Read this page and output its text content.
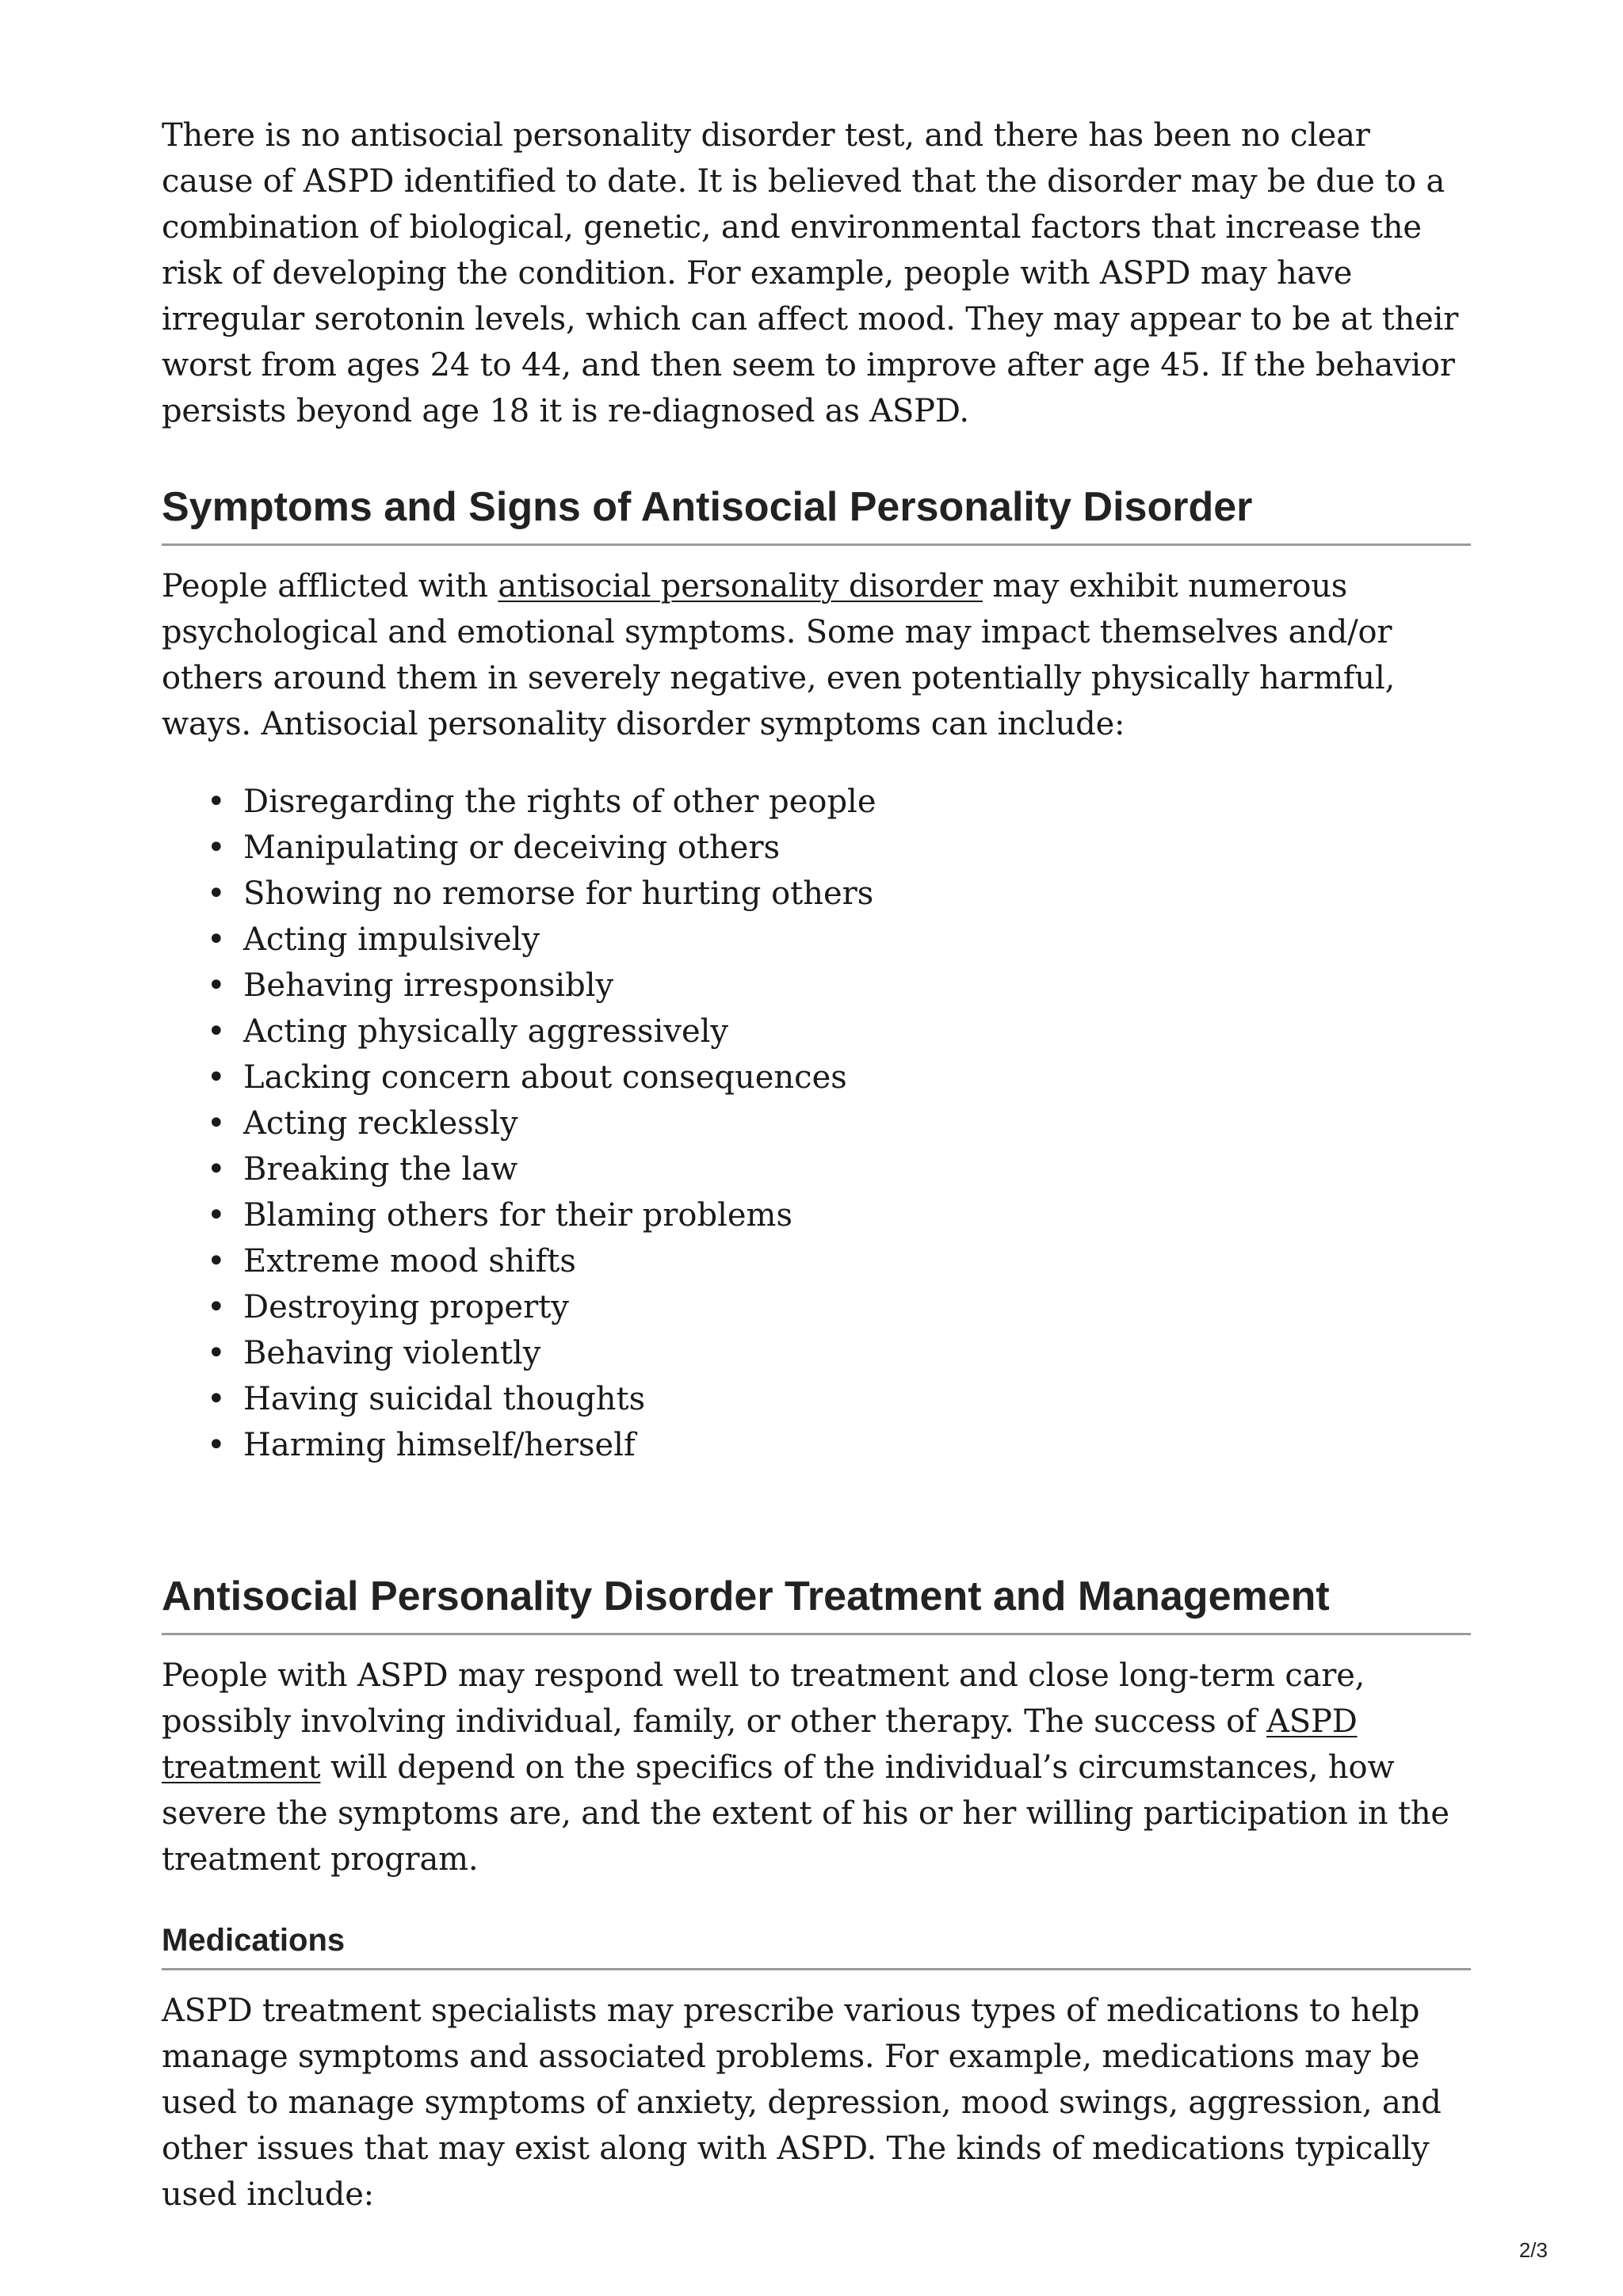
There is no antisocial personality disorder test, and there has been no clear cause of ASPD identified to date. It is believed that the disorder may be due to a combination of biological, genetic, and environmental factors that increase the risk of developing the condition. For example, people with ASPD may have irregular serotonin levels, which can affect mood. They may appear to be at their worst from ages 24 to 44, and then seem to improve after age 45. If the behavior persists beyond age 18 it is re-diagnosed as ASPD.

Symptoms and Signs of Antisocial Personality Disorder

People afflicted with antisocial personality disorder may exhibit numerous psychological and emotional symptoms. Some may impact themselves and/or others around them in severely negative, even potentially physically harmful, ways. Antisocial personality disorder symptoms can include:

• Disregarding the rights of other people
• Manipulating or deceiving others
• Showing no remorse for hurting others
• Acting impulsively
• Behaving irresponsibly
• Acting physically aggressively
• Lacking concern about consequences
• Acting recklessly
• Breaking the law
• Blaming others for their problems
• Extreme mood shifts
• Destroying property
• Behaving violently
• Having suicidal thoughts
• Harming himself/herself
Antisocial Personality Disorder Treatment and Management

People with ASPD may respond well to treatment and close long-term care, possibly involving individual, family, or other therapy. The success of ASPD treatment will depend on the specifics of the individual’s circumstances, how severe the symptoms are, and the extent of his or her willing participation in the treatment program.

Medications

ASPD treatment specialists may prescribe various types of medications to help manage symptoms and associated problems. For example, medications may be used to manage symptoms of anxiety, depression, mood swings, aggression, and other issues that may exist along with ASPD. The kinds of medications typically used include:

2/3
